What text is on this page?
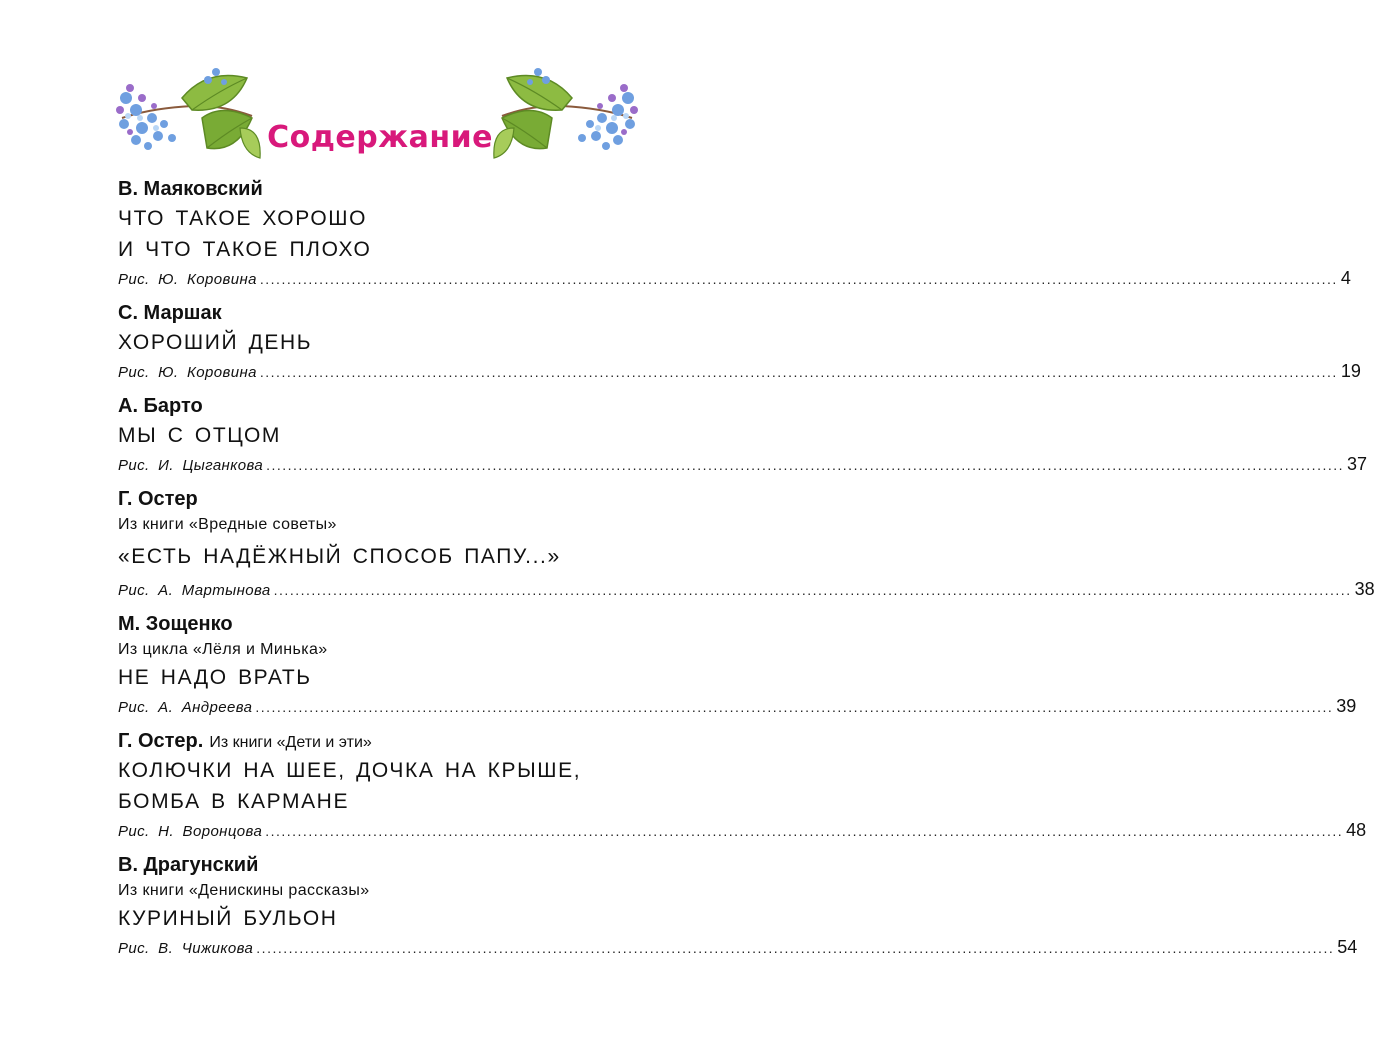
Содержание
В. Маяковский
ЧТО ТАКОЕ ХОРОШО
И ЧТО ТАКОЕ ПЛОХО
Рис. Ю. Коровина ........................................................................................................................................................................................................ 4
С. Маршак
ХОРОШИЙ ДЕНЬ
Рис. Ю. Коровина ........................................................................................................................................................................................................ 19
А. Барто
МЫ С ОТЦОМ
Рис. И. Цыганкова ........................................................................................................................................................................................................ 37
Г. Остер
Из книги «Вредные советы»
«ЕСТЬ НАДЁЖНЫЙ СПОСОБ ПАПУ...»
Рис. А. Мартынова ........................................................................................................................................................................................................ 38
М. Зощенко
Из цикла «Лёля и Минька»
НЕ НАДО ВРАТЬ
Рис. А. Андреева ........................................................................................................................................................................................................ 39
Г. Остер. Из книги «Дети и эти»
КОЛЮЧКИ НА ШЕЕ, ДОЧКА НА КРЫШЕ,
БОМБА В КАРМАНЕ
Рис. Н. Воронцова ........................................................................................................................................................................................................ 48
В. Драгунский
Из книги «Денискины рассказы»
КУРИНЫЙ БУЛЬОН
Рис. В. Чижикова ........................................................................................................................................................................................................ 54
